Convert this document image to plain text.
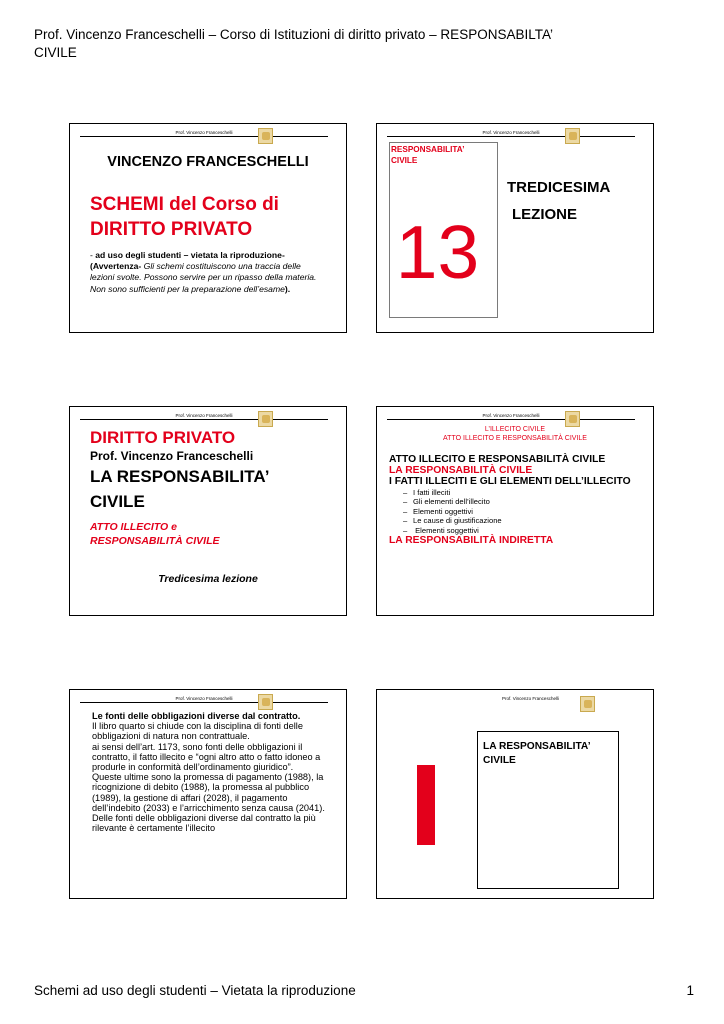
Prof. Vincenzo Franceschelli – Corso di Istituzioni di diritto privato – RESPONSABILTA’
CIVILE
Prof. Vincenzo Franceschelli
VINCENZO FRANCESCHELLI
SCHEMI del Corso di
DIRITTO PRIVATO
- ad uso degli studenti – vietata la riproduzione- (Avvertenza- Gli schemi costituiscono una traccia delle lezioni svolte. Possono servire per un ripasso della materia. Non sono sufficienti per la preparazione dell’esame).
Prof. Vincenzo Franceschelli
RESPONSABILITA’
CIVILE
13
TREDICESIMA
LEZIONE
Prof. Vincenzo Franceschelli
DIRITTO PRIVATO
Prof. Vincenzo Franceschelli
LA RESPONSABILITA’
CIVILE
ATTO ILLECITO e
RESPONSABILITÀ CIVILE
Tredicesima lezione
Prof. Vincenzo Franceschelli
L’ILLECITO CIVILE
ATTO ILLECITO E RESPONSABILITÀ CIVILE
ATTO ILLECITO E RESPONSABILITÀ CIVILE
LA RESPONSABILITÀ CIVILE
I FATTI ILLECITI E GLI ELEMENTI DELL’ILLECITO
– I fatti illeciti
– Gli elementi dell’illecito
– Elementi oggettivi
– Le cause di giustificazione
– Elementi soggettivi
LA RESPONSABILITÀ INDIRETTA
Prof. Vincenzo Franceschelli
Le fonti delle obbligazioni diverse dal contratto.
Il libro quarto si chiude con la disciplina di fonti delle obbligazioni di natura non contrattuale.
ai sensi dell’art. 1173, sono fonti delle obbligazioni il contratto, il fatto illecito e “ogni altro atto o fatto idoneo a produrle in conformità dell’ordinamento giuridico”.
Queste ultime sono la promessa di pagamento (1988), la ricognizione di debito (1988), la promessa al pubblico (1989), la gestione di affari (2028), il pagamento dell’indebito (2033) e l’arricchimento senza causa (2041).
Delle fonti delle obbligazioni diverse dal contratto la più rilevante è certamente l’illecito
Prof. Vincenzo Franceschelli
LA RESPONSABILITA’
CIVILE
Schemi ad uso degli studenti – Vietata la riproduzione	1
